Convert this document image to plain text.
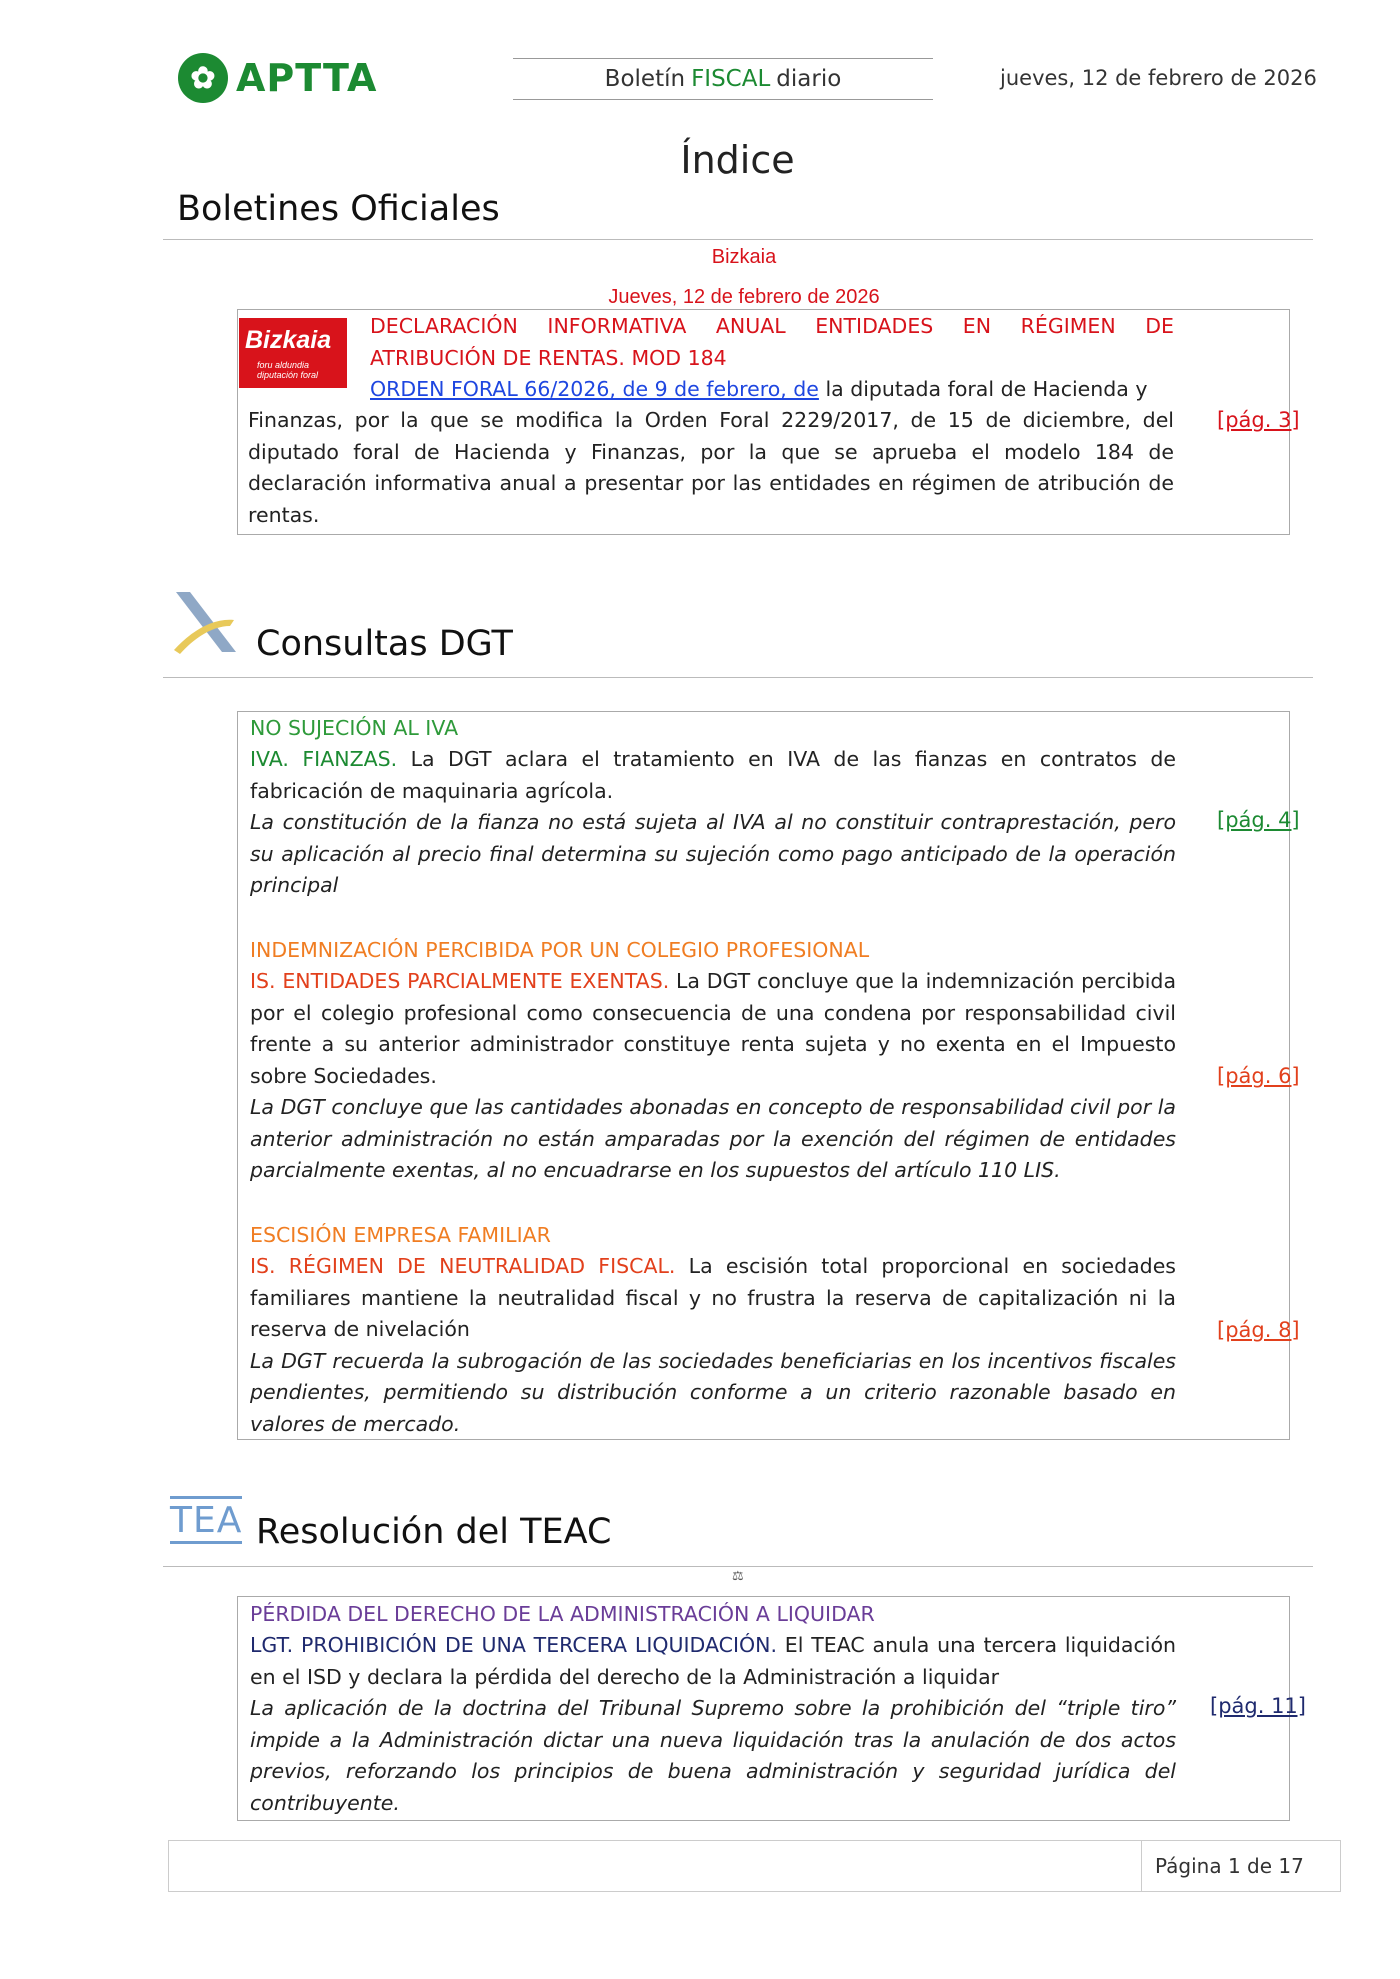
✿ APTTA	Boletín FISCAL diario	jueves, 12 de febrero de 2026
Índice
Boletines Oficiales
Bizkaia
Jueves, 12 de febrero de 2026
Bizkaia
foru aldundia
diputación foral
DECLARACIÓN INFORMATIVA ANUAL ENTIDADES EN RÉGIMEN DE
ATRIBUCIÓN DE RENTAS. MOD 184
ORDEN FORAL 66/2026, de 9 de febrero, de la diputada foral de Hacienda y
Finanzas, por la que se modifica la Orden Foral 2229/2017, de 15 de diciembre, del diputado foral de Hacienda y Finanzas, por la que se aprueba el modelo 184 de declaración informativa anual a presentar por las entidades en régimen de atribución de rentas.
[pág. 3]
Consultas DGT
NO SUJECIÓN AL IVA
IVA. FIANZAS. La DGT aclara el tratamiento en IVA de las fianzas en contratos de fabricación de maquinaria agrícola.
La constitución de la fianza no está sujeta al IVA al no constituir contraprestación, pero su aplicación al precio final determina su sujeción como pago anticipado de la operación principal
[pág. 4]
INDEMNIZACIÓN PERCIBIDA POR UN COLEGIO PROFESIONAL
IS. ENTIDADES PARCIALMENTE EXENTAS. La DGT concluye que la indemnización percibida por el colegio profesional como consecuencia de una condena por responsabilidad civil frente a su anterior administrador constituye renta sujeta y no exenta en el Impuesto sobre Sociedades.
La DGT concluye que las cantidades abonadas en concepto de responsabilidad civil por la anterior administración no están amparadas por la exención del régimen de entidades parcialmente exentas, al no encuadrarse en los supuestos del artículo 110 LIS.
[pág. 6]
ESCISIÓN EMPRESA FAMILIAR
IS. RÉGIMEN DE NEUTRALIDAD FISCAL. La escisión total proporcional en sociedades familiares mantiene la neutralidad fiscal y no frustra la reserva de capitalización ni la reserva de nivelación
La DGT recuerda la subrogación de las sociedades beneficiarias en los incentivos fiscales pendientes, permitiendo su distribución conforme a un criterio razonable basado en valores de mercado.
[pág. 8]
TEA Resolución del TEAC
⚖
PÉRDIDA DEL DERECHO DE LA ADMINISTRACIÓN A LIQUIDAR
LGT. PROHIBICIÓN DE UNA TERCERA LIQUIDACIÓN. El TEAC anula una tercera liquidación en el ISD y declara la pérdida del derecho de la Administración a liquidar
La aplicación de la doctrina del Tribunal Supremo sobre la prohibición del “triple tiro” impide a la Administración dictar una nueva liquidación tras la anulación de dos actos previos, reforzando los principios de buena administración y seguridad jurídica del contribuyente.
[pág. 11]
Página 1 de 17
